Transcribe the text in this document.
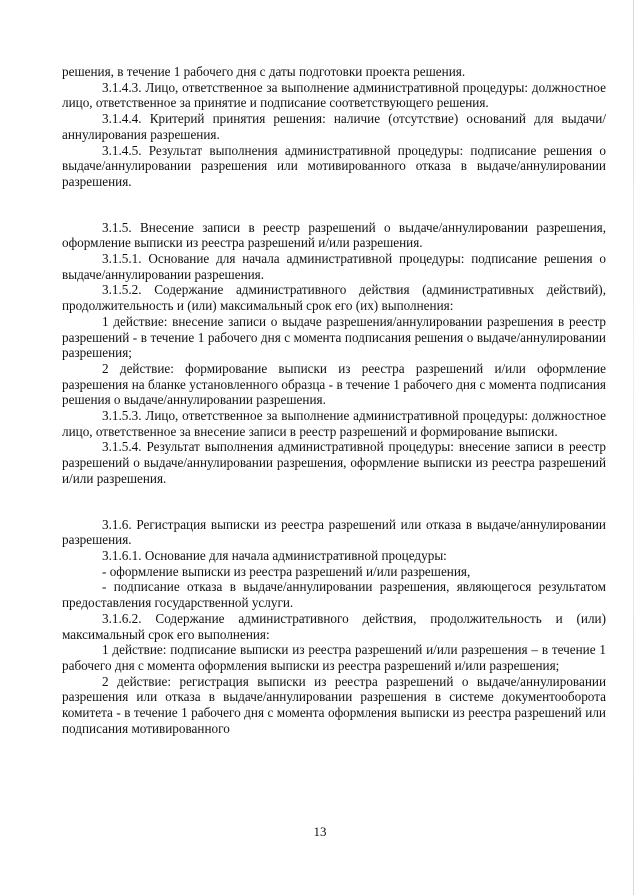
решения, в течение 1 рабочего дня с даты подготовки проекта решения.

3.1.4.3. Лицо, ответственное за выполнение административной процедуры: должностное лицо, ответственное за принятие и подписание соответствующего решения.

3.1.4.4. Критерий принятия решения: наличие (отсутствие) оснований для выдачи/аннулирования разрешения.

3.1.4.5. Результат выполнения административной процедуры: подписание решения о выдаче/аннулировании разрешения или мотивированного отказа в выдаче/аннулировании разрешения.

3.1.5. Внесение записи в реестр разрешений о выдаче/аннулировании разрешения, оформление выписки из реестра разрешений и/или разрешения.

3.1.5.1. Основание для начала административной процедуры: подписание решения о выдаче/аннулировании разрешения.

3.1.5.2. Содержание административного действия (административных действий), продолжительность и (или) максимальный срок его (их) выполнения:

1 действие: внесение записи о выдаче разрешения/аннулировании разрешения в реестр разрешений - в течение 1 рабочего дня с момента подписания решения о выдаче/аннулировании разрешения;

2 действие: формирование выписки из реестра разрешений и/или оформление разрешения на бланке установленного образца - в течение 1 рабочего дня с момента подписания решения о выдаче/аннулировании разрешения.

3.1.5.3. Лицо, ответственное за выполнение административной процедуры: должностное лицо, ответственное за внесение записи в реестр разрешений и формирование выписки.

3.1.5.4. Результат выполнения административной процедуры: внесение записи в реестр разрешений о выдаче/аннулировании разрешения, оформление выписки из реестра разрешений и/или разрешения.

3.1.6. Регистрация выписки из реестра разрешений или отказа в выдаче/аннулировании разрешения.

3.1.6.1. Основание для начала административной процедуры:

- оформление выписки из реестра разрешений и/или разрешения,

- подписание отказа в выдаче/аннулировании разрешения, являющегося результатом предоставления государственной услуги.

3.1.6.2. Содержание административного действия, продолжительность и (или) максимальный срок его выполнения:

1 действие: подписание выписки из реестра разрешений и/или разрешения – в течение 1 рабочего дня с момента оформления выписки из реестра разрешений и/или разрешения;

2 действие: регистрация выписки из реестра разрешений о выдаче/аннулировании разрешения или отказа в выдаче/аннулировании разрешения в системе документооборота комитета - в течение 1 рабочего дня с момента оформления выписки из реестра разрешений или подписания мотивированного

13
